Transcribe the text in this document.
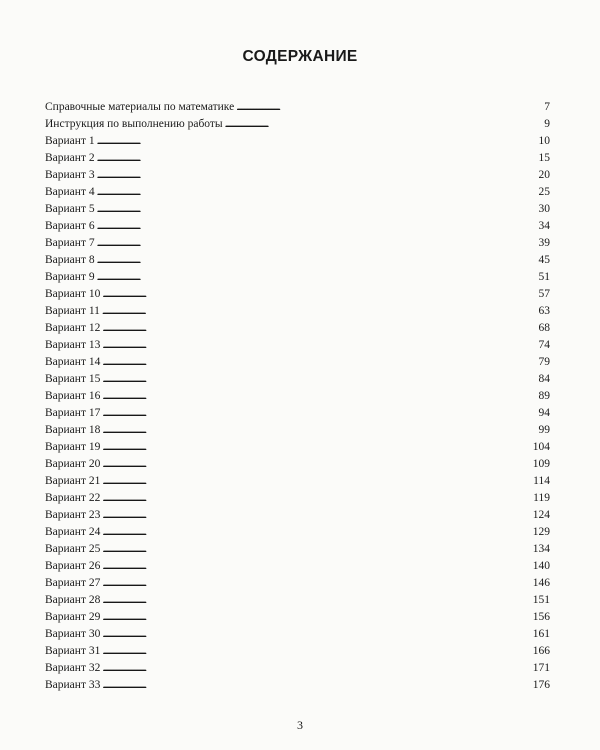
СОДЕРЖАНИЕ
Справочные материалы по математике . . .	7
Инструкция по выполнению работы . . .	9
Вариант 1 . . .	10
Вариант 2 . . .	15
Вариант 3 . . .	20
Вариант 4 . . .	25
Вариант 5 . . .	30
Вариант 6 . . .	34
Вариант 7 . . .	39
Вариант 8 . . .	45
Вариант 9 . . .	51
Вариант 10 . . .	57
Вариант 11 . . .	63
Вариант 12 . . .	68
Вариант 13 . . .	74
Вариант 14 . . .	79
Вариант 15 . . .	84
Вариант 16 . . .	89
Вариант 17 . . .	94
Вариант 18 . . .	99
Вариант 19 . . .	104
Вариант 20 . . .	109
Вариант 21 . . .	114
Вариант 22 . . .	119
Вариант 23 . . .	124
Вариант 24 . . .	129
Вариант 25 . . .	134
Вариант 26 . . .	140
Вариант 27 . . .	146
Вариант 28 . . .	151
Вариант 29 . . .	156
Вариант 30 . . .	161
Вариант 31 . . .	166
Вариант 32 . . .	171
Вариант 33 . . .	176
3
